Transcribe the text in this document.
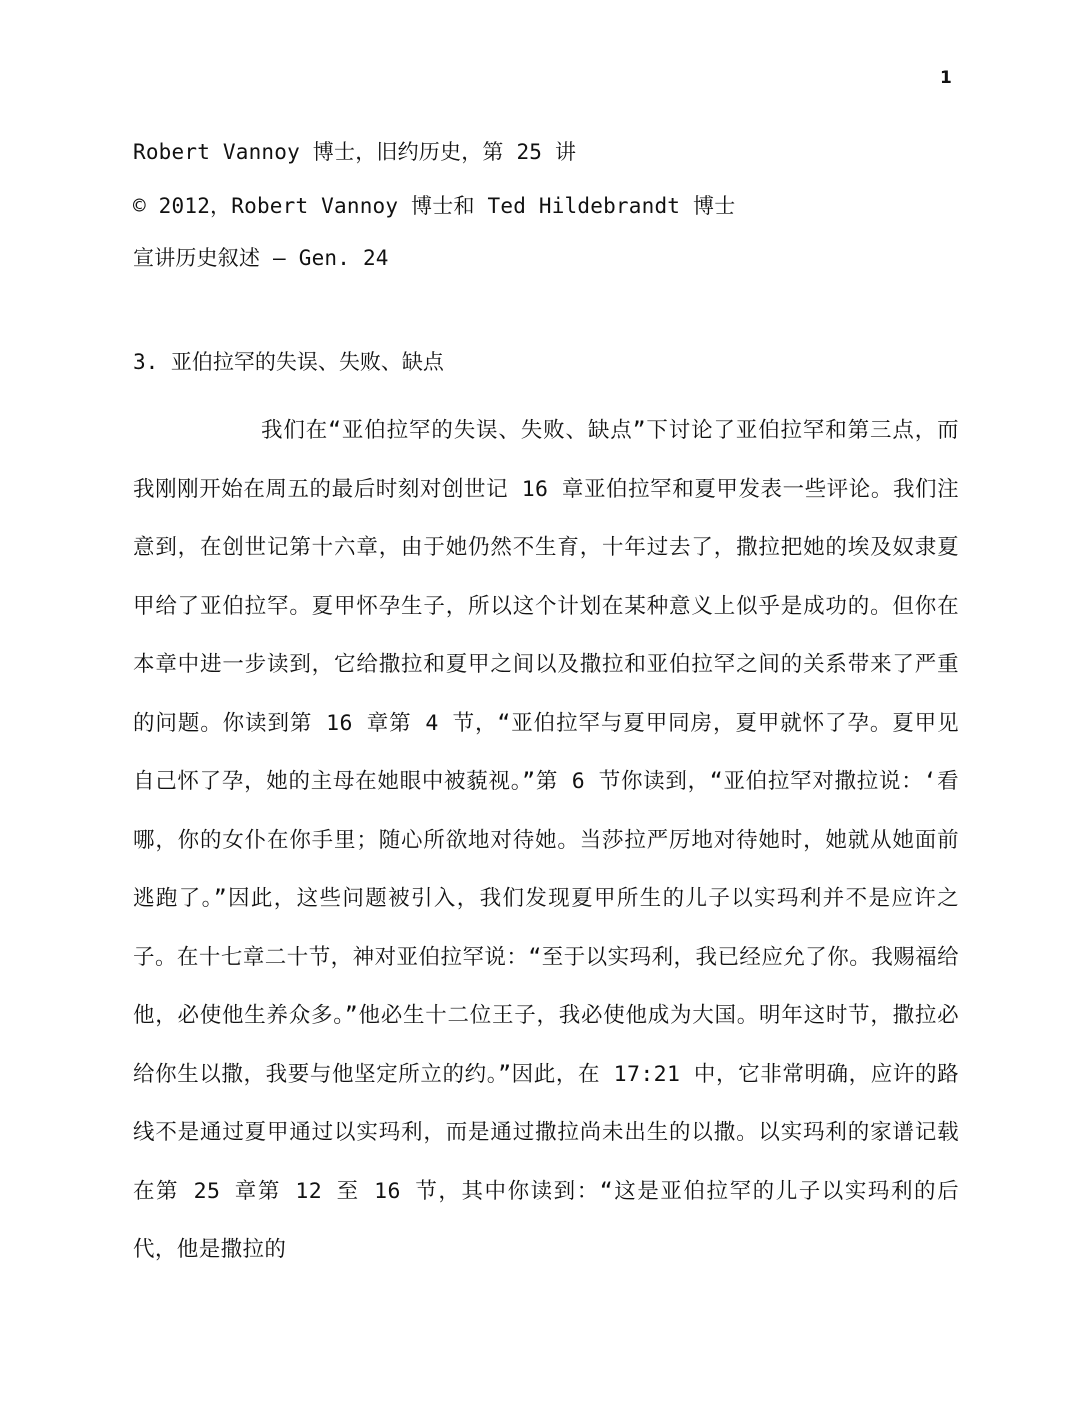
1
Robert Vannoy 博士，旧约历史，第 25 讲
© 2012，Robert Vannoy 博士和 Ted Hildebrandt 博士
宣讲历史叙述 – Gen. 24
3. 亚伯拉罕的失误、失败、缺点

我们在“亚伯拉罕的失误、失败、缺点”下讨论了亚伯拉罕和第三点，而我刚刚开始在周五的最后时刻对创世记 16 章亚伯拉罕和夏甲发表一些评论。我们注意到，在创世记第十六章，由于她仍然不生育，十年过去了，撒拉把她的埃及奴隶夏甲给了亚伯拉罕。夏甲怀孕生子，所以这个计划在某种意义上似乎是成功的。但你在本章中进一步读到，它给撒拉和夏甲之间以及撒拉和亚伯拉罕之间的关系带来了严重的问题。你读到第 16 章第 4 节，“亚伯拉罕与夏甲同房，夏甲就怀了孕。夏甲见自己怀了孕，她的主母在她眼中被藐视。”第 6 节你读到，“亚伯拉罕对撒拉说：‘看哪，你的女仆在你手里；随心所欲地对待她。当莎拉严厉地对待她时，她就从她面前逃跑了。”因此，这些问题被引入，我们发现夏甲所生的儿子以实玛利并不是应许之子。在十七章二十节，神对亚伯拉罕说：“至于以实玛利，我已经应允了你。我赐福给他，必使他生养众多。”他必生十二位王子，我必使他成为大国。明年这时节，撒拉必给你生以撒，我要与他坚定所立的约。”因此，在 17:21 中，它非常明确，应许的路线不是通过夏甲通过以实玛利，而是通过撒拉尚未出生的以撒。以实玛利的家谱记载在第 25 章第 12 至 16 节，其中你读到：“这是亚伯拉罕的儿子以实玛利的后代，他是撒拉的
